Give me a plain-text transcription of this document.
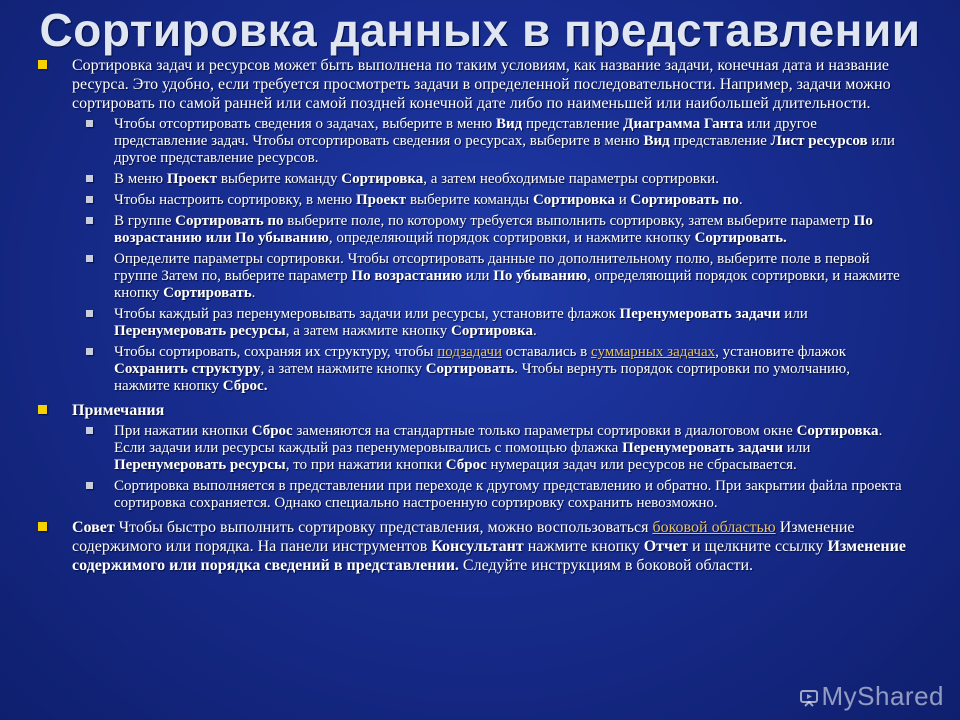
Сортировка данных в представлении
Сортировка задач и ресурсов может быть выполнена по таким условиям, как название задачи, конечная дата и название ресурса. Это удобно, если требуется просмотреть задачи в определенной последовательности. Например, задачи можно сортировать по самой ранней или самой поздней конечной дате либо по наименьшей или наибольшей длительности.
Чтобы отсортировать сведения о задачах, выберите в меню Вид представление Диаграмма Ганта или другое представление задач. Чтобы отсортировать сведения о ресурсах, выберите в меню Вид представление Лист ресурсов или другое представление ресурсов.
В меню Проект выберите команду Сортировка, а затем необходимые параметры сортировки.
Чтобы настроить сортировку, в меню Проект выберите команды Сортировка и Сортировать по.
В группе Сортировать по выберите поле, по которому требуется выполнить сортировку, затем выберите параметр По возрастанию или По убыванию, определяющий порядок сортировки, и нажмите кнопку Сортировать.
Определите параметры сортировки. Чтобы отсортировать данные по дополнительному полю, выберите поле в первой группе Затем по, выберите параметр По возрастанию или По убыванию, определяющий порядок сортировки, и нажмите кнопку Сортировать.
Чтобы каждый раз перенумеровывать задачи или ресурсы, установите флажок Перенумеровать задачи или Перенумеровать ресурсы, а затем нажмите кнопку Сортировка.
Чтобы сортировать, сохраняя их структуру, чтобы подзадачи оставались в суммарных задачах, установите флажок Сохранить структуру, а затем нажмите кнопку Сортировать. Чтобы вернуть порядок сортировки по умолчанию, нажмите кнопку Сброс.
Примечания
При нажатии кнопки Сброс заменяются на стандартные только параметры сортировки в диалоговом окне Сортировка. Если задачи или ресурсы каждый раз перенумеровывались с помощью флажка Перенумеровать задачи или Перенумеровать ресурсы, то при нажатии кнопки Сброс нумерация задач или ресурсов не сбрасывается.
Сортировка выполняется в представлении при переходе к другому представлению и обратно. При закрытии файла проекта сортировка сохраняется. Однако специально настроенную сортировку сохранить невозможно.
Совет Чтобы быстро выполнить сортировку представления, можно воспользоваться боковой областью Изменение содержимого или порядка. На панели инструментов Консультант нажмите кнопку Отчет и щелкните ссылку Изменение содержимого или порядка сведений в представлении. Следуйте инструкциям в боковой области.
MyShared
